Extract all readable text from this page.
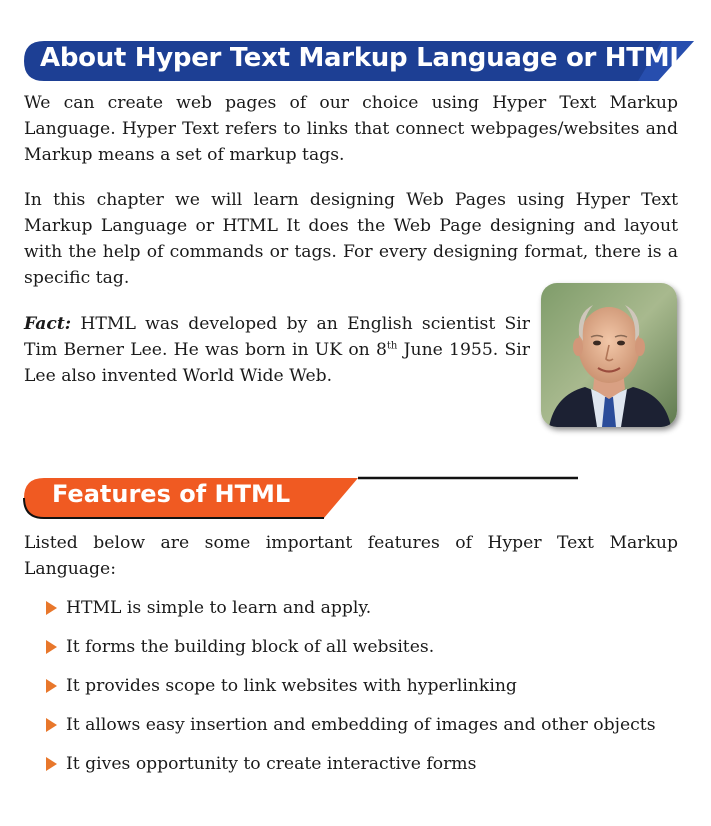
About Hyper Text Markup Language or HTML

We can create web pages of our choice using Hyper Text Markup Language. Hyper Text refers to links that connect webpages/websites and Markup means a set of markup tags.

In this chapter we will learn designing Web Pages using Hyper Text Markup Language or HTML It does the Web Page designing and layout with the help of commands or tags. For every designing format, there is a specific tag.

Fact: HTML was developed by an English scientist Sir Tim Berner Lee. He was born in UK on 8th June 1955. Sir Lee also invented World Wide Web.

Features of HTML

Listed below are some important features of Hyper Text Markup Language:

HTML is simple to learn and apply.
It forms the building block of all websites.
It provides scope to link websites with hyperlinking
It allows easy insertion and embedding of images and other objects
It gives opportunity to create interactive forms
